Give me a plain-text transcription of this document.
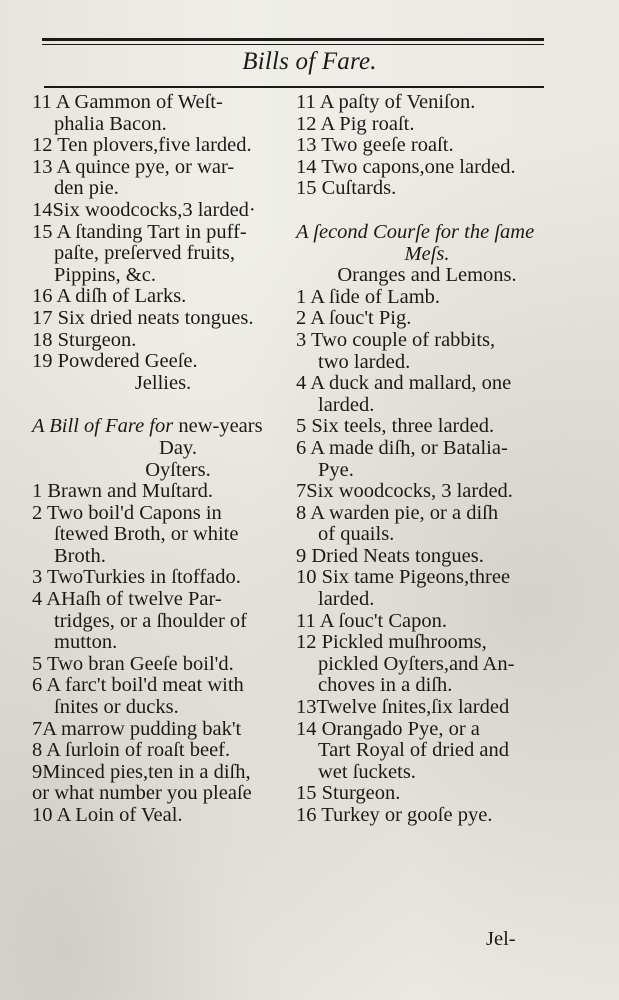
Bills of Fare.
11 A Gammon of Weſt-
phalia Bacon.
12 Ten plovers,five larded.
13 A quince pye, or war-
den pie.
14Six woodcocks,3 larded·
15 A ſtanding Tart in puff-
paſte, preſerved fruits,
Pippins, &c.
16 A diſh of Larks.
17 Six dried neats tongues.
18 Sturgeon.
19 Powdered Geeſe.
Jellies.
A Bill of Fare for new-years
Day.
Oyſters.
1 Brawn and Muſtard.
2 Two boil'd Capons in
ſtewed Broth, or white
Broth.
3 TwoTurkies in ſtoffado.
4 AHaſh of twelve Par-
tridges, or a ſhoulder of
mutton.
5 Two bran Geeſe boil'd.
6 A farc't boil'd meat with
ſnites or ducks.
7A marrow pudding bak't
8 A ſurloin of roaſt beef.
9Minced pies,ten in a diſh,
or what number you pleaſe
10 A Loin of Veal.
11 A paſty of Veniſon.
12 A Pig roaſt.
13 Two geeſe roaſt.
14 Two capons,one larded.
15 Cuſtards.
A ſecond Courſe for the ſame
Meſs.
Oranges and Lemons.
1 A ſide of Lamb.
2 A ſouc't Pig.
3 Two couple of rabbits,
two larded.
4 A duck and mallard, one
larded.
5 Six teels, three larded.
6 A made diſh, or Batalia-
Pye.
7Six woodcocks, 3 larded.
8 A warden pie, or a diſh
of quails.
9 Dried Neats tongues.
10 Six tame Pigeons,three
larded.
11 A ſouc't Capon.
12 Pickled muſhrooms,
pickled Oyſters,and An-
choves in a diſh.
13Twelve ſnites,ſix larded
14 Orangado Pye, or a
Tart Royal of dried and
wet ſuckets.
15 Sturgeon.
16 Turkey or gooſe pye.
Jel-
